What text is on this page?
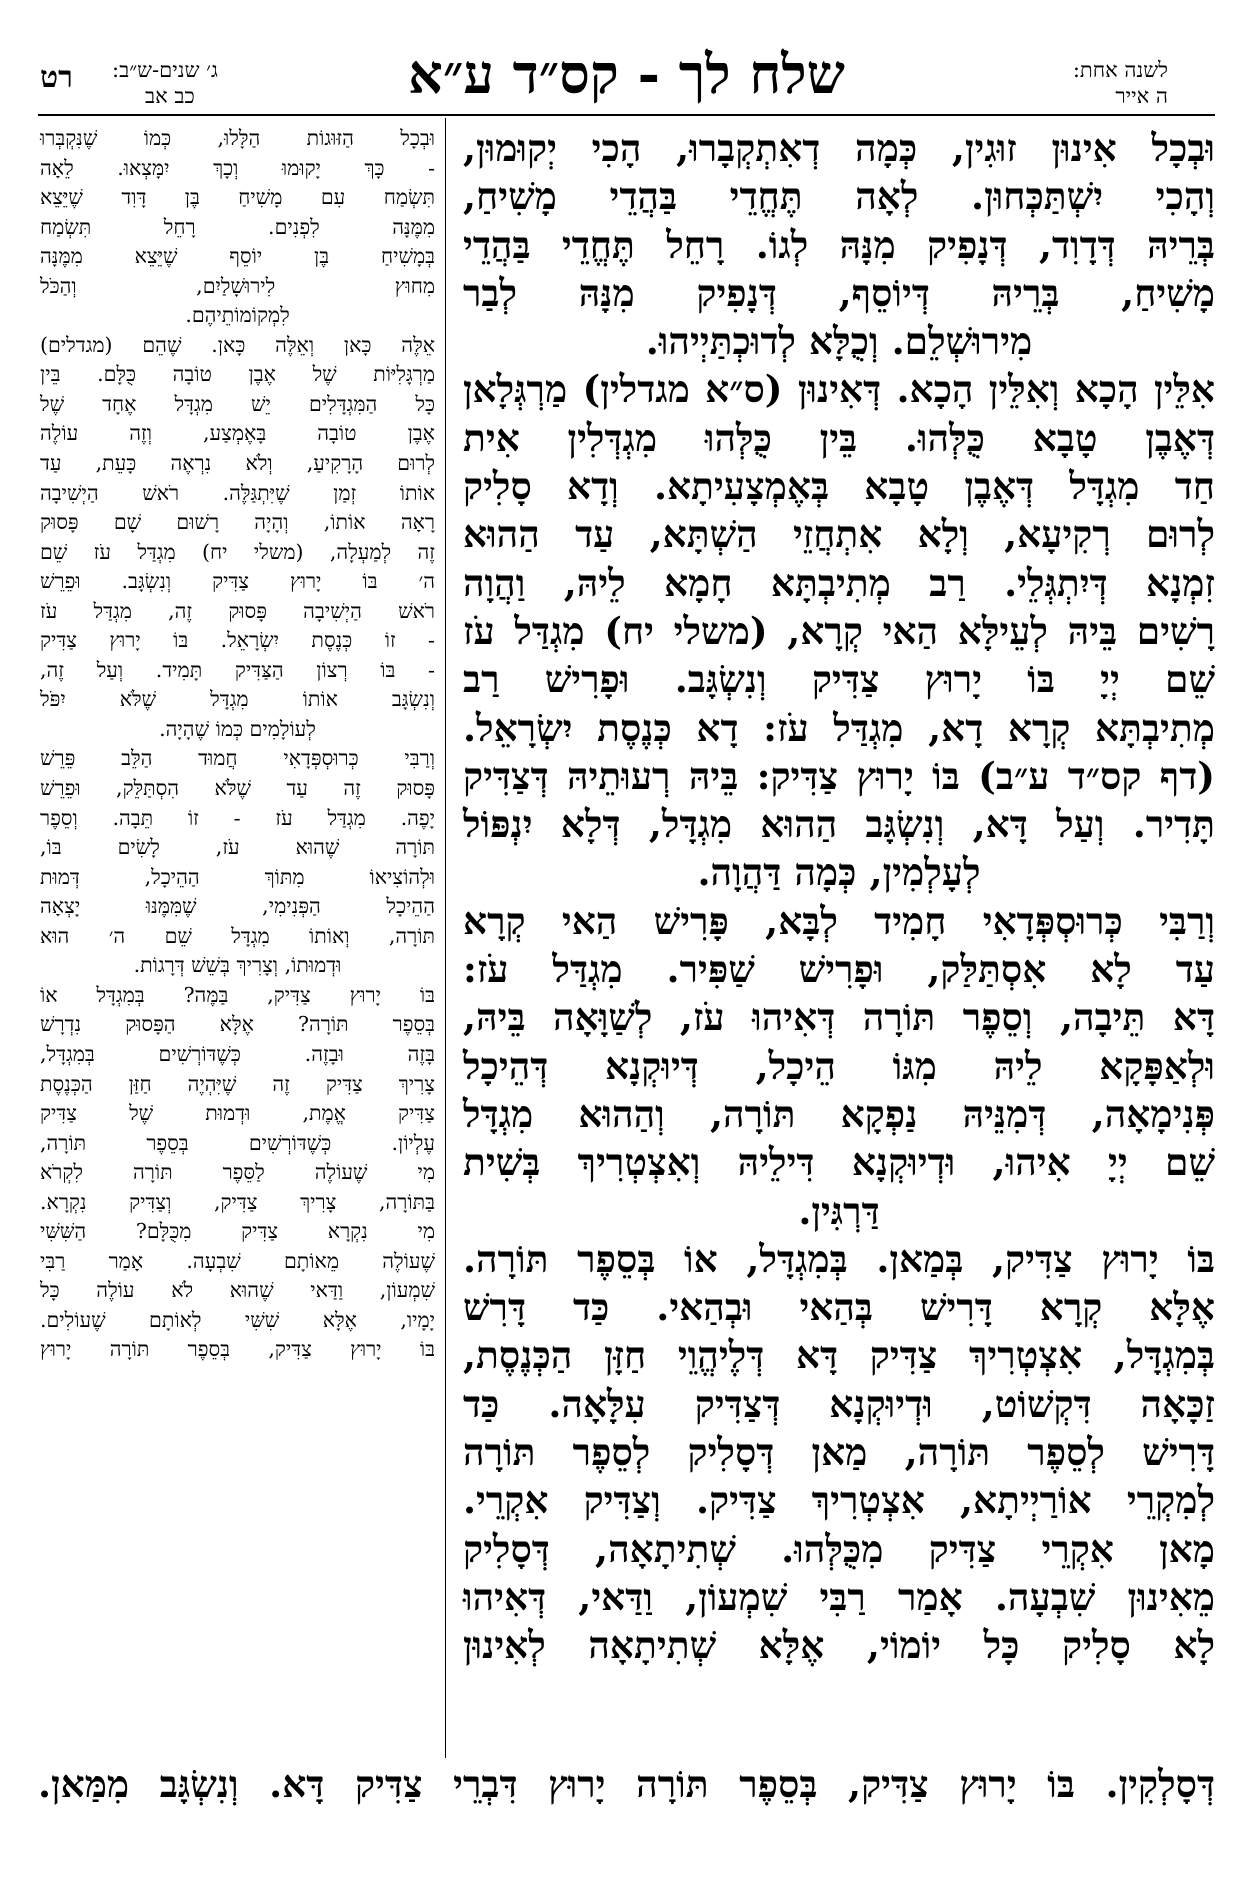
לשנה אחת:
ה אייר
שלח לך - קס״ד ע״א
ג׳ שנים-ש״ב:
כב אב
רט

וּבְכָל אִינוּן זוּגִין, כְּמָה דְאִתְקְבָרוּ, הָכִי יְקוּמוּן,

וְהָכִי יִשְׁתַּכְּחוּן. לְאָה תֶּחֱדֵי בַּהֲדֵי מָשִׁיחַ,

בְּרֵיהּ דְּדָוִד, דְּנָפִיק מִנָּהּ לְגוֹ. רָחֵל תֶּחֱדֵי בַּהֲדֵי

מָשִׁיחַ, בְּרֵיהּ דְּיוֹסֵף, דְּנָפִיק מִנָּהּ לְבַר

מִירוּשְׁלֵם. וְכֻלָּא לְדוּכְתַּיְיהוּ.

אִלֵּין הָכָא וְאִלֵּין הָכָא. דְּאִינוּן (ס״א מגדלין) מַרְגְּלָאן

דְּאֶבֶן טָבָא כֻּלְּהוּ. בֵּין כֻּלְּהוּ מִגְדְּלִין אִית

חַד מִגְדָּל דְּאֶבֶן טָבָא בְּאֶמְצָעִיתָא. וְדָא סָלִיק

לְרוּם רְקִיעָא, וְלָא אִתְחֲזֵי הַשְׁתָּא, עַד הַהוּא

זִמְנָא דְּיִתְגְּלֵי. רַב מְתִיבְתָּא חָמָא לֵיהּ, וַהֲוָה

רָשִׁים בֵּיהּ לְעֵילָּא הַאי קְרָא, (משלי יח) מִגְדַּל עֹז

שֵׁם יְיָ בּוֹ יָרוּץ צַדִּיק וְנִשְׂגָּב. וּפָרִישׁ רַב

מְתִיבְתָּא קְרָא דָא, מִגְדַּל עֹז: דָא כְּנֶסֶת יִשְׂרָאֵל.

(דף קס״ד ע״ב) בּוֹ יָרוּץ צַדִּיק: בֵּיהּ רְעוּתֵיהּ דְּצַדִּיק

תָּדִיר. וְעַל דָּא, וְנִשְׂגָּב הַהוּא מִגְדָּל, דְּלָא יִנְפּוֹל

לְעָלְמִין, כְּמָה דַּהֲוָה.

וְרַבִּי כְּרוּסְפְּדָאִי חָמִיד לְבָּא, פָּרִישׁ הַאי קְרָא

עַד לָא אִסְתַּלַּק, וּפָרִישׁ שַׁפִּיר. מִגְדַּל עֹז:

דָּא תֵּיבָה, וְסֵפֶר תּוֹרָה דְּאִיהוּ עֹז, לְשַׁוָּאָה בֵּיהּ,

וּלְאַפָּקָא לֵיהּ מִגּוֹ הֵיכָל, דְּיוּקְנָא דְּהֵיכָל

פְּנִימָאָה, דְּמִנֵּיהּ נַפְקָא תּוֹרָה, וְהַהוּא מִגְדָּל

שֵׁם יְיָ אִיהוּ, וּדְיוּקְנָא דִּילֵיהּ וְאִצְטְרִיךְ בְּשִׁית

דַּרְגִּין.

בּוֹ יָרוּץ צַדִּיק, בְּמַאן. בְּמִגְדָּל, אוֹ בְּסֵפֶר תּוֹרָה.

אֶלָּא קְרָא דָּרִישׁ בְּהַאי וּבְהַאי. כַּד דָּרִשׁ

בְּמִגְדָּל, אִצְטְרִיךְ צַדִּיק דָּא דְּלֶיהֱוֵי חַזָּן הַכְּנֶסֶת,

זַכָּאָה דִּקְשׁוֹט, וּדְיוּקְנָא דְּצַדִּיק עִלָּאָה. כַּד

דָּרִישׁ לְסֵפֶר תּוֹרָה, מַאן דְּסָלִיק לְסֵפֶר תּוֹרָה

לְמִקְרֵי אוֹרַיְיתָא, אִצְטְרִיךְ צַדִּיק. וְצַדִּיק אִקְרֵי.

מָאן אִקְרֵי צַדִּיק מִכֻּלְּהוּ. שְׁתִיתָאָה, דְּסָלִיק

מֵאִינוּן שִׁבְעָה. אָמַר רַבִּי שִׁמְעוֹן, וַדַּאי, דְּאִיהוּ

לָא סָלִיק כָּל יוֹמוֹי, אֶלָּא שְׁתִיתָאָה לְאִינוּן

וּבְכָל הַזּוּגוֹת הַלָּלוּ, כְּמוֹ שֶׁנִּקְבְּרוּ

- כָּךְ יָקוּמוּ וְכָךְ יִמָּצְאוּ. לֵאָה

תִּשְׂמַח עִם מָשִׁיחַ בֶּן דָּוִד שֶׁיֵּצֵא

מִמֶּנָּה לִפְנִים. רָחֵל תִּשְׂמַח

בְּמָשִׁיחַ בֶּן יוֹסֵף שֶׁיֵּצֵא מִמֶּנָּה

מִחוּץ לִירוּשָׁלַיִם, וְהַכֹּל

לִמְקוֹמוֹתֵיהֶם.

אֵלֶּה כָּאן וְאֵלֶּה כָּאן. שֶׁהֵם (מגדלים)

מַרְגָּלִיּוֹת שֶׁל אֶבֶן טוֹבָה כֻּלָּם. בֵּין

כָּל הַמִּגְדָּלִים יֵשׁ מִגְדָּל אֶחָד שֶׁל

אֶבֶן טוֹבָה בָּאֶמְצַע, וְזֶה עוֹלֶה

לְרוּם הָרָקִיעַ, וְלֹא נִרְאֶה כָּעֵת, עַד

אוֹתוֹ זְמַן שֶׁיִּתְגַּלֶּה. רֹאשׁ הַיְשִׁיבָה

רָאָה אוֹתוֹ, וְהָיָה רָשׁוּם שָׁם פָּסוּק

זֶה לְמַעְלָה, (משלי יח) מִגְדַּל עֹז שֵׁם

ה׳ בּוֹ יָרוּץ צַדִּיק וְנִשְׂגָּב. וּפֵרֵשׁ

רֹאשׁ הַיְשִׁיבָה פָּסוּק זֶה, מִגְדַּל עֹז

- זוֹ כְּנֶסֶת יִשְׂרָאֵל. בּוֹ יָרוּץ צַדִּיק

- בּוֹ רְצוֹן הַצַּדִּיק תָּמִיד. וְעַל זֶה,

וְנִשְׂגָּב אוֹתוֹ מִגְדָּל שֶׁלֹּא יִפֹּל

לְעוֹלָמִים כְּמוֹ שֶׁהָיָה.

וְרַבִּי כְּרוּסְפְּדָאִי חֲמוּד הַלֵּב פֵּרֵשׁ

פָּסוּק זֶה עַד שֶׁלֹּא הִסְתַּלֵּק, וּפֵרֵשׁ

יָפֶה. מִגְדַּל עֹז - זוֹ תֵּבָה. וְסֵפֶר

תּוֹרָה שֶׁהוּא עֹז, לָשִׂים בּוֹ,

וּלְהוֹצִיאוֹ מִתּוֹךְ הַהֵיכָל, דְּמוּת

הַהֵיכָל הַפְּנִימִי, שֶׁמִּמֶּנּוּ יָצְאָה

תּוֹרָה, וְאוֹתוֹ מִגְדָּל שֵׁם ה׳ הוּא

וּדְמוּתוֹ, וְצָרִיךְ בְּשֵׁשׁ דְּרָגוֹת.

בּוֹ יָרוּץ צַדִּיק, בַּמֶּה? בְּמִגְדָּל אוֹ

בְּסֵפֶר תּוֹרָה? אֶלָּא הַפָּסוּק נִדְרָשׁ

בָּזֶה וּבָזֶה. כְּשֶׁדּוֹרְשִׁים בְּמִגְדָּל,

צָרִיךְ צַדִּיק זֶה שֶׁיִּהְיֶה חַזַּן הַכְּנֶסֶת

צַדִּיק אֱמֶת, וּדְמוּת שֶׁל צַדִּיק

עֶלְיוֹן. כְּשֶׁדּוֹרְשִׁים בְּסֵפֶר תּוֹרָה,

מִי שֶׁעוֹלֶה לַסֵּפֶר תּוֹרָה לִקְרֹא

בַּתּוֹרָה, צָרִיךְ צַדִּיק, וְצַדִּיק נִקְרָא.

מִי נִקְרָא צַדִּיק מִכֻּלָּם? הַשִּׁשִּׁי

שֶׁעוֹלֶה מֵאוֹתָם שִׁבְעָה. אָמַר רַבִּי

שִׁמְעוֹן, וַדַּאי שֶׁהוּא לֹא עוֹלֶה כָּל

יָמָיו, אֶלָּא שִׁשִּׁי לְאוֹתָם שֶׁעוֹלִים.

בּוֹ יָרוּץ צַדִּיק, בְּסֵפֶר תּוֹרָה יָרוּץ

דְּסָלְקִין. בּוֹ יָרוּץ צַדִּיק, בְּסֵפֶר תּוֹרָה יָרוּץ דִּבְרֵי צַדִּיק דָּא. וְנִשְׂגָּב מִמַּאן.
